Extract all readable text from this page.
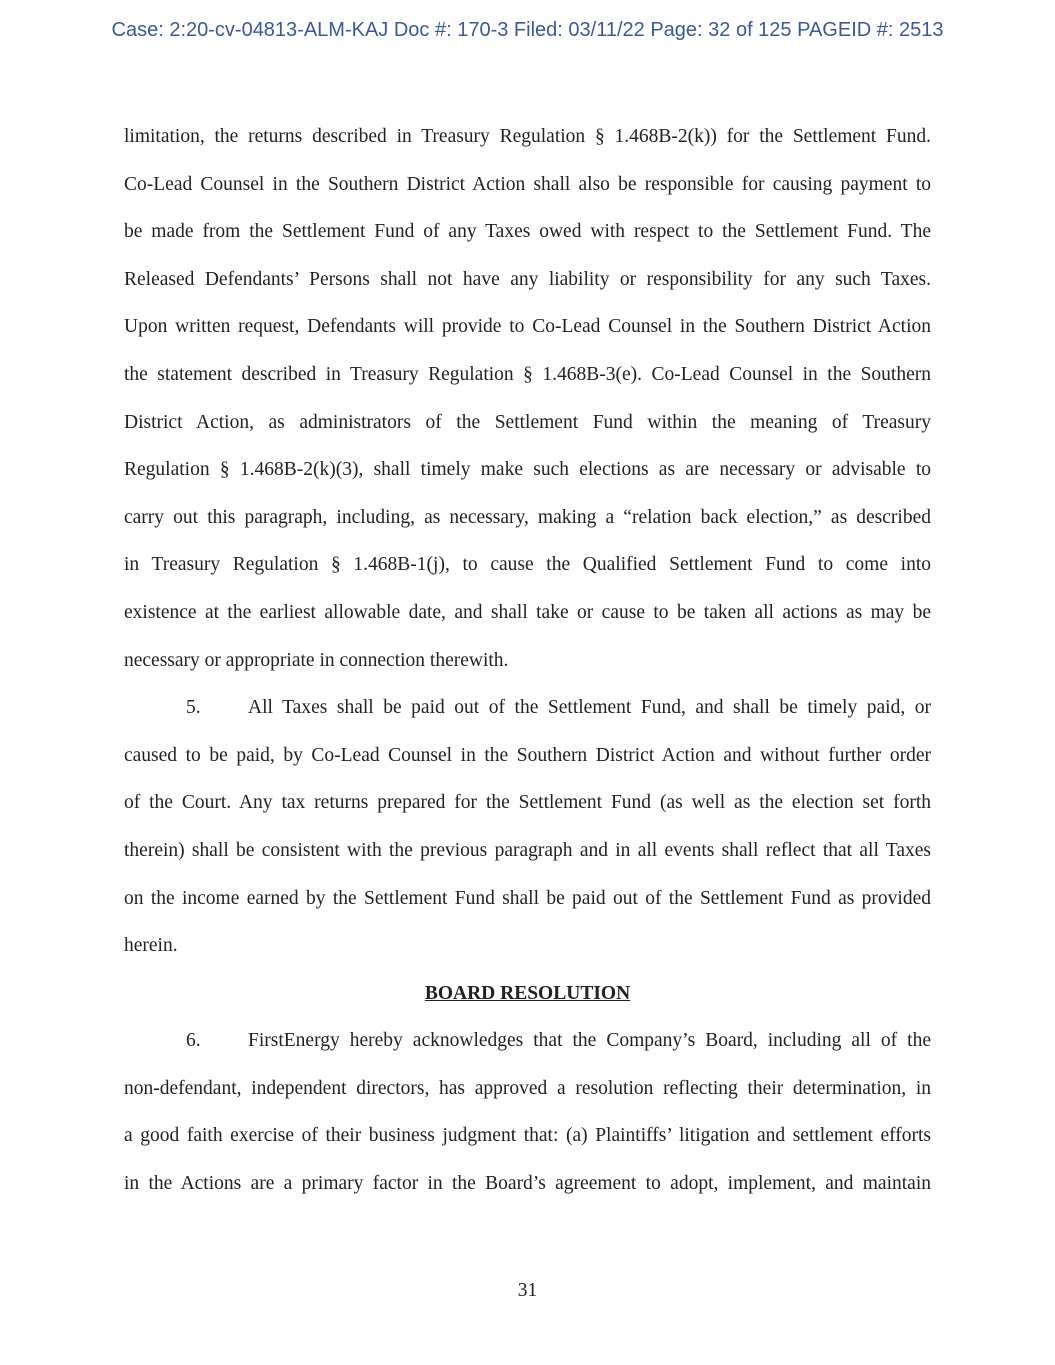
Case: 2:20-cv-04813-ALM-KAJ Doc #: 170-3 Filed: 03/11/22 Page: 32 of 125 PAGEID #: 2513
limitation, the returns described in Treasury Regulation § 1.468B-2(k)) for the Settlement Fund.
Co-Lead Counsel in the Southern District Action shall also be responsible for causing payment to
be made from the Settlement Fund of any Taxes owed with respect to the Settlement Fund. The
Released Defendants’ Persons shall not have any liability or responsibility for any such Taxes.
Upon written request, Defendants will provide to Co-Lead Counsel in the Southern District Action
the statement described in Treasury Regulation § 1.468B-3(e). Co-Lead Counsel in the Southern
District Action, as administrators of the Settlement Fund within the meaning of Treasury
Regulation § 1.468B-2(k)(3), shall timely make such elections as are necessary or advisable to
carry out this paragraph, including, as necessary, making a “relation back election,” as described
in Treasury Regulation § 1.468B-1(j), to cause the Qualified Settlement Fund to come into
existence at the earliest allowable date, and shall take or cause to be taken all actions as may be
necessary or appropriate in connection therewith.
5.	All Taxes shall be paid out of the Settlement Fund, and shall be timely paid, or
caused to be paid, by Co-Lead Counsel in the Southern District Action and without further order
of the Court. Any tax returns prepared for the Settlement Fund (as well as the election set forth
therein) shall be consistent with the previous paragraph and in all events shall reflect that all Taxes
on the income earned by the Settlement Fund shall be paid out of the Settlement Fund as provided
herein.
BOARD RESOLUTION
6.	FirstEnergy hereby acknowledges that the Company’s Board, including all of the
non-defendant, independent directors, has approved a resolution reflecting their determination, in
a good faith exercise of their business judgment that: (a) Plaintiffs’ litigation and settlement efforts
in the Actions are a primary factor in the Board’s agreement to adopt, implement, and maintain
31
